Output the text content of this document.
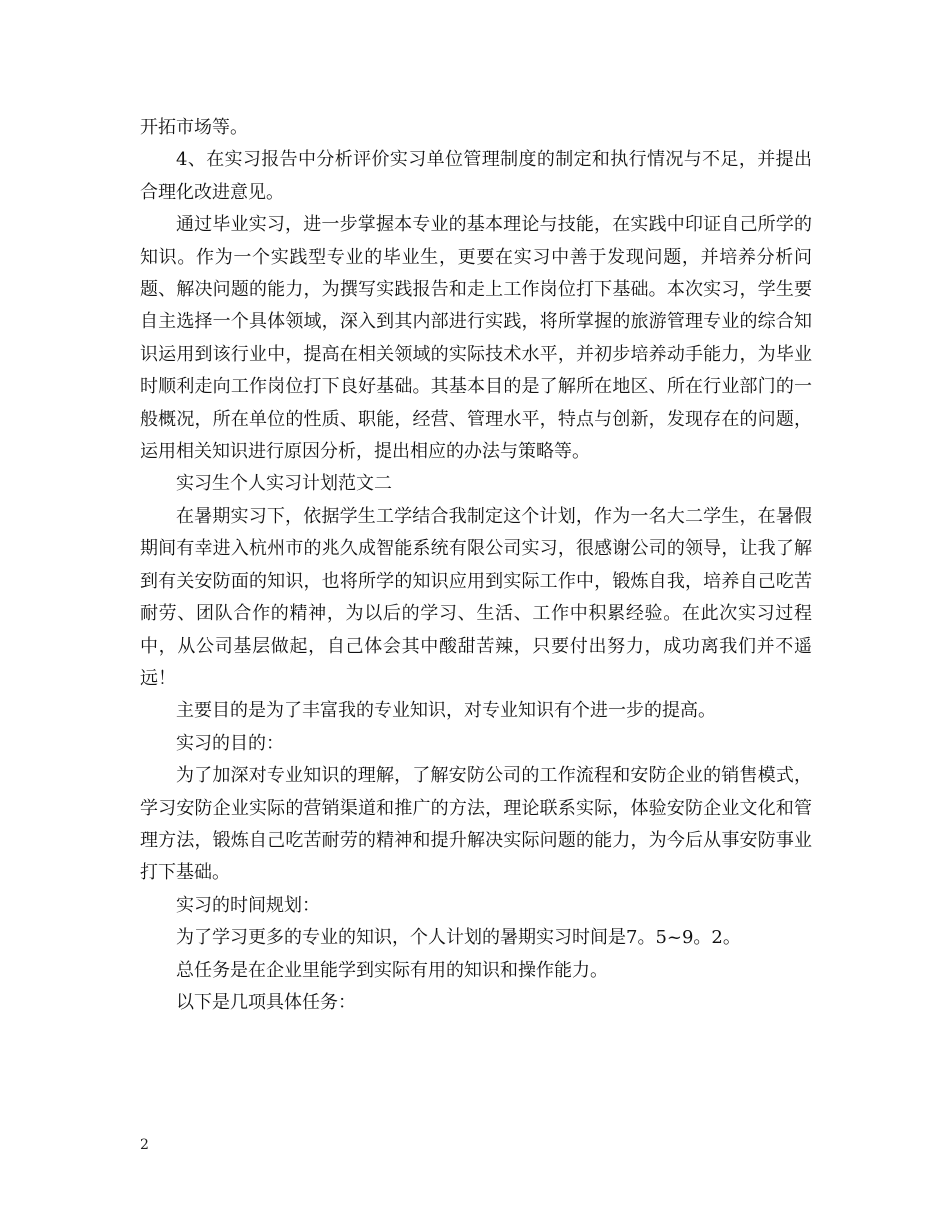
开拓市场等。

4、在实习报告中分析评价实习单位管理制度的制定和执行情况与不足，并提出合理化改进意见。

通过毕业实习，进一步掌握本专业的基本理论与技能，在实践中印证自己所学的知识。作为一个实践型专业的毕业生，更要在实习中善于发现问题，并培养分析问题、解决问题的能力，为撰写实践报告和走上工作岗位打下基础。本次实习，学生要自主选择一个具体领域，深入到其内部进行实践，将所掌握的旅游管理专业的综合知识运用到该行业中，提高在相关领域的实际技术水平，并初步培养动手能力，为毕业时顺利走向工作岗位打下良好基础。其基本目的是了解所在地区、所在行业部门的一般概况，所在单位的性质、职能，经营、管理水平，特点与创新，发现存在的问题，运用相关知识进行原因分析，提出相应的办法与策略等。

实习生个人实习计划范文二

在暑期实习下，依据学生工学结合我制定这个计划，作为一名大二学生，在暑假期间有幸进入杭州市的兆久成智能系统有限公司实习，很感谢公司的领导，让我了解到有关安防面的知识，也将所学的知识应用到实际工作中，锻炼自我，培养自己吃苦耐劳、团队合作的精神，为以后的学习、生活、工作中积累经验。在此次实习过程中，从公司基层做起，自己体会其中酸甜苦辣，只要付出努力，成功离我们并不遥远！

主要目的是为了丰富我的专业知识，对专业知识有个进一步的提高。

实习的目的：

为了加深对专业知识的理解，了解安防公司的工作流程和安防企业的销售模式，学习安防企业实际的营销渠道和推广的方法，理论联系实际，体验安防企业文化和管理方法，锻炼自己吃苦耐劳的精神和提升解决实际问题的能力，为今后从事安防事业打下基础。

实习的时间规划：

为了学习更多的专业的知识，个人计划的暑期实习时间是7。5~9。2。

总任务是在企业里能学到实际有用的知识和操作能力。

以下是几项具体任务：

2
